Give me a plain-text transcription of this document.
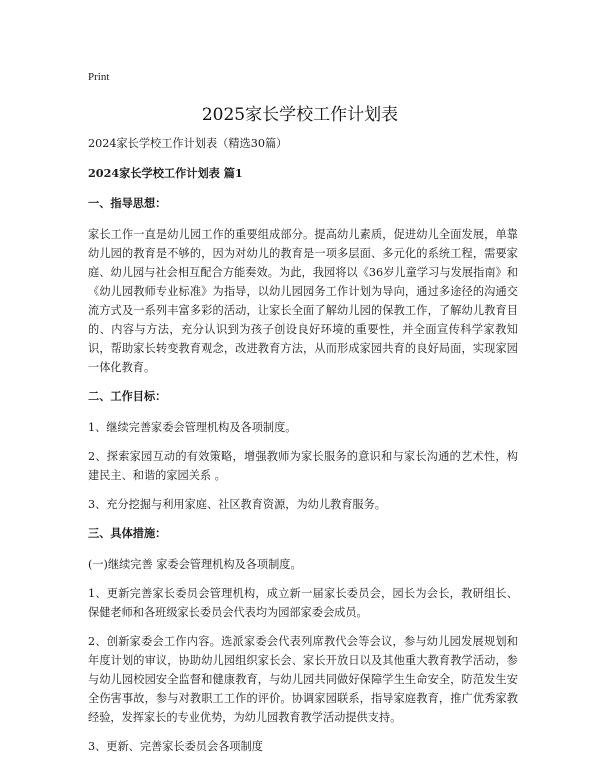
Print
2025家长学校工作计划表

2024家长学校工作计划表（精选30篇）

2024家长学校工作计划表 篇1

一、指导思想：

家长工作一直是幼儿园工作的重要组成部分。提高幼儿素质，促进幼儿全面发展，单靠幼儿园的教育是不够的，因为对幼儿的教育是一项多层面、多元化的系统工程，需要家庭、幼儿园与社会相互配合方能奏效。为此，我园将以《36岁儿童学习与发展指南》和《幼儿园教师专业标准》为指导，以幼儿园园务工作计划为导向，通过多途径的沟通交流方式及一系列丰富多彩的活动，让家长全面了解幼儿园的保教工作，了解幼儿教育目的、内容与方法，充分认识到为孩子创设良好环境的重要性，并全面宣传科学家教知识，帮助家长转变教育观念，改进教育方法，从而形成家园共育的良好局面，实现家园一体化教育。

二、工作目标：

1、继续完善家委会管理机构及各项制度。

2、探索家园互动的有效策略，增强教师为家长服务的意识和与家长沟通的艺术性，构建民主、和谐的家园关系 。

3、充分挖掘与利用家庭、社区教育资源，为幼儿教育服务。

三、具体措施：

(一)继续完善 家委会管理机构及各项制度。

1、更新完善家长委员会管理机构，成立新一届家长委员会，园长为会长，教研组长、保健老师和各班级家长委员会代表均为园部家委会成员。

2、创新家委会工作内容。选派家委会代表列席教代会等会议，参与幼儿园发展规划和年度计划的审议，协助幼儿园组织家长会、家长开放日以及其他重大教育教学活动，参与幼儿园校园安全监督和健康教育，与幼儿园共同做好保障学生生命安全，防范发生安全伤害事故，参与对教职工工作的评价。协调家园联系，指导家庭教育，推广优秀家教经验，发挥家长的专业优势，为幼儿园教育教学活动提供支持。

3、更新、完善家长委员会各项制度
